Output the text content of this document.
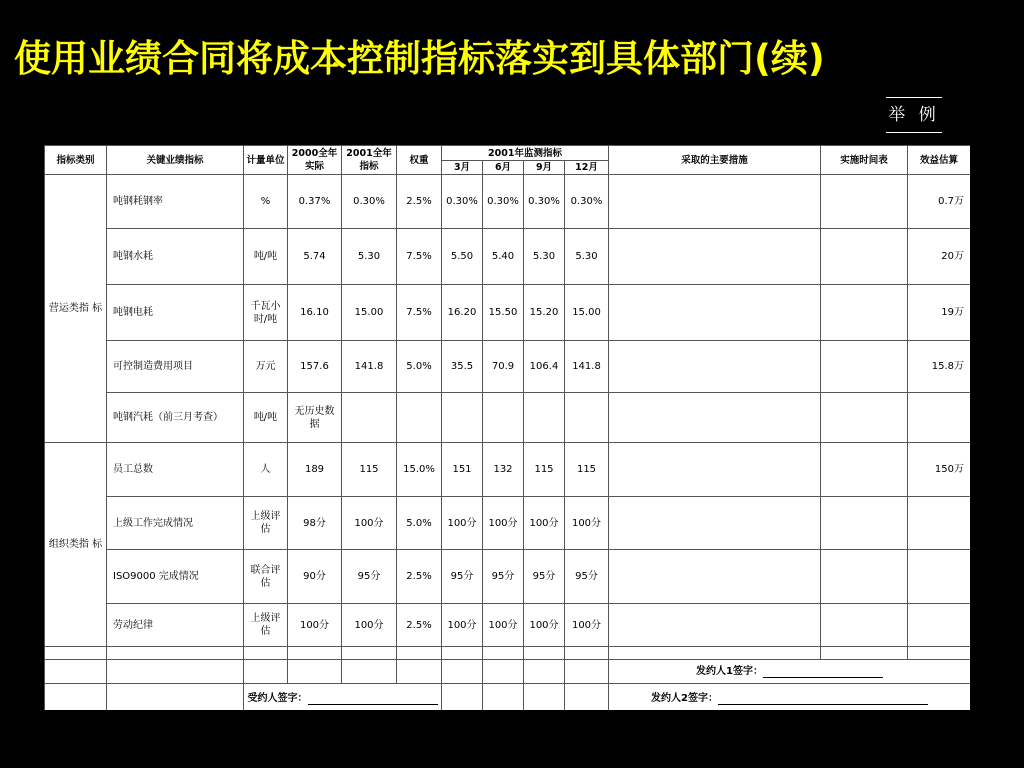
使用业绩合同将成本控制指标落实到具体部门(续)
举 例
指标类别	关键业绩指标	计量单位	2000全年实际	2001全年指标	权重	2001年监测指标				采取的主要措施	实施时间表	效益估算
						3月	6月	9月	12月			
营运类指 标	吨钢耗钢率	%	0.37%	0.30%	2.5%	0.30%	0.30%	0.30%	0.30%			0.7万
	吨钢水耗	吨/吨	5.74	5.30	7.5%	5.50	5.40	5.30	5.30			20万
	吨钢电耗	千瓦小时/吨	16.10	15.00	7.5%	16.20	15.50	15.20	15.00			19万
	可控制造费用项目	万元	157.6	141.8	5.0%	35.5	70.9	106.4	141.8			15.8万
	吨钢汽耗（前三月考查）	吨/吨	无历史数据									
组织类指 标	员工总数	人	189	115	15.0%	151	132	115	115			150万
	上级工作完成情况	上级评估	98分	100分	5.0%	100分	100分	100分	100分			
	ISO9000 完成情况	联合评估	90分	95分	2.5%	95分	95分	95分	95分			
	劳动纪律	上级评估	100分	100分	2.5%	100分	100分	100分	100分			

										发约人1签字：		
		受约人签字：								发约人2签字：		
